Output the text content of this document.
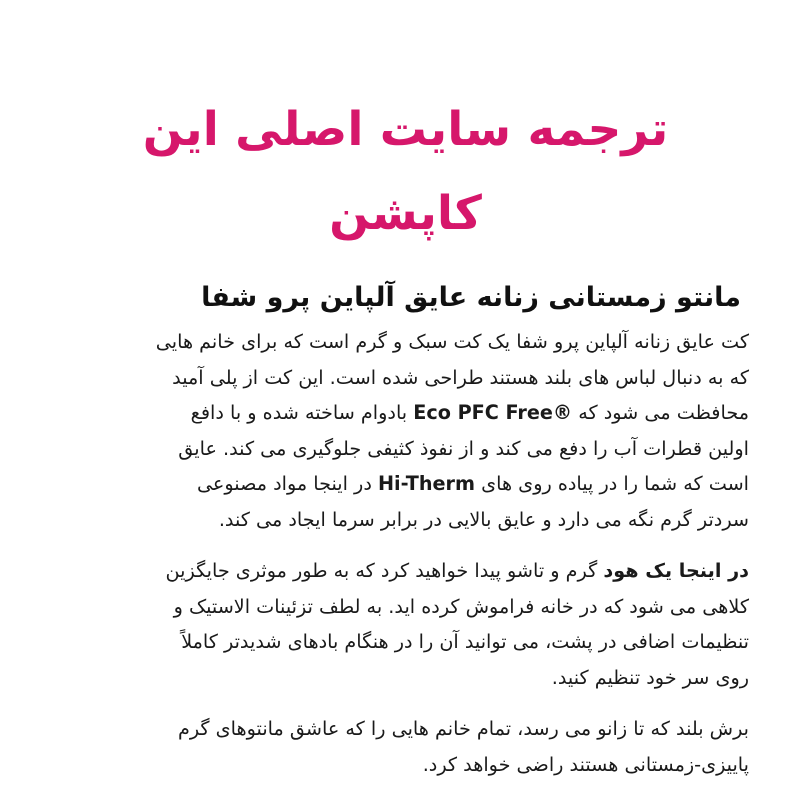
ترجمه سایت اصلی این کاپشن
مانتو زمستانی زنانه عایق آلپاین پرو شفا

کت عایق زنانه آلپاین پرو شفا یک کت سبک و گرم است که برای خانم هایی
که به دنبال لباس های بلند هستند طراحی شده است. این کت از پلی آمید
محافظت می شود که Eco PFC Free® بادوام ساخته شده و با دافع
اولین قطرات آب را دفع می کند و از نفوذ کثیفی جلوگیری می کند. عایق
است که شما را در پیاده روی های Hi-Therm در اینجا مواد مصنوعی
سردتر گرم نگه می دارد و عایق بالایی در برابر سرما ایجاد می کند.

در اینجا یک هود گرم و تاشو پیدا خواهید کرد که به طور موثری جایگزین
کلاهی می شود که در خانه فراموش کرده اید. به لطف تزئینات الاستیک و
تنظیمات اضافی در پشت، می توانید آن را در هنگام بادهای شدیدتر کاملاً
روی سر خود تنظیم کنید.

برش بلند که تا زانو می رسد، تمام خانم هایی را که عاشق مانتوهای گرم
پاییزی-زمستانی هستند راضی خواهد کرد.
